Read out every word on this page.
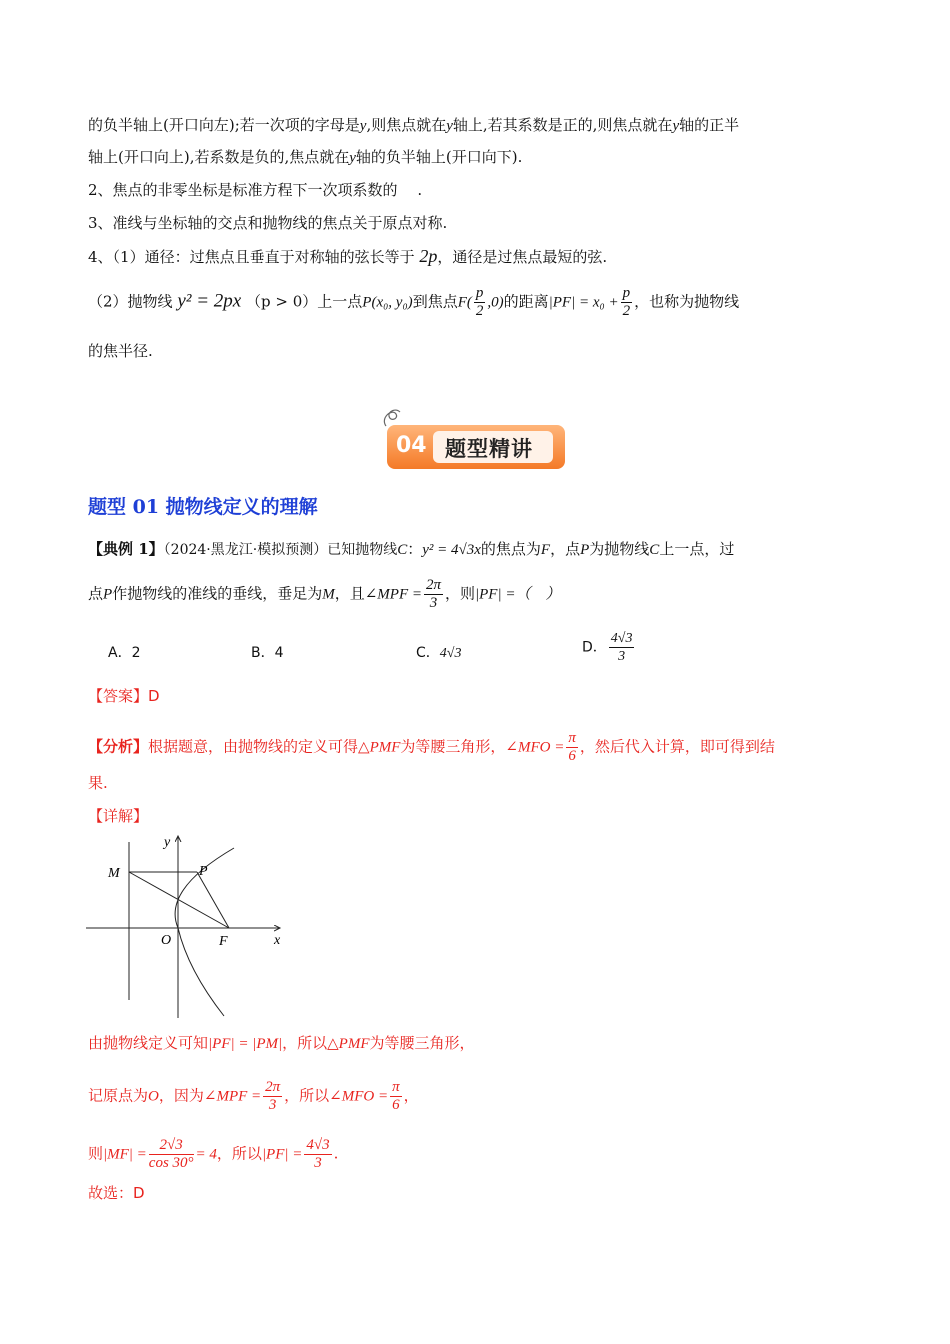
的负半轴上(开口向左);若一次项的字母是y,则焦点就在y轴上,若其系数是正的,则焦点就在y轴的正半
轴上(开口向上),若系数是负的,焦点就在y轴的负半轴上(开口向下).
2、焦点的非零坐标是标准方程下一次项系数的　 .
3、准线与坐标轴的交点和抛物线的焦点关于原点对称.
4、（1）通径：过焦点且垂直于对称轴的弦长等于 2p，通径是过焦点最短的弦.
（2）抛物线 y² = 2px （p > 0）上一点P(x₀, y₀)到焦点$F( \frac{p}{2} ,0)$的距离$|PF| = x_0 + \frac{p}{2}$ ，也称为抛物线
的焦半径.
04 题型精讲
题型 01 抛物线定义的理解
【典例 1】（2024·黑龙江·模拟预测）已知抛物线C：y² = 4√3x的焦点为F，点P为抛物线C上一点，过
点P作抛物线的准线的垂线，垂足为M，且∠MPF = $\frac{2\pi}{3}$ ，则|PF| =（　）
A．2	B．4	C．4√3	D． $\frac{4√3}{3}$
【答案】D
【分析】根据题意，由抛物线的定义可得△PMF为等腰三角形，∠MFO = $\frac{\pi}{6}$ ，然后代入计算，即可得到结
果.
【详解】
y
x
M	P
O	F
由抛物线定义可知|PF| = |PM|，所以△PMF为等腰三角形，
记原点为O，因为∠MPF = $\frac{2\pi}{3}$ ，所以∠MFO = $\frac{\pi}{6}$ ，
则$|MF| = \frac{2√3}{\cos 30^\circ} = 4$，所以$|PF| = \frac{4√3}{3}$ .
故选：D
